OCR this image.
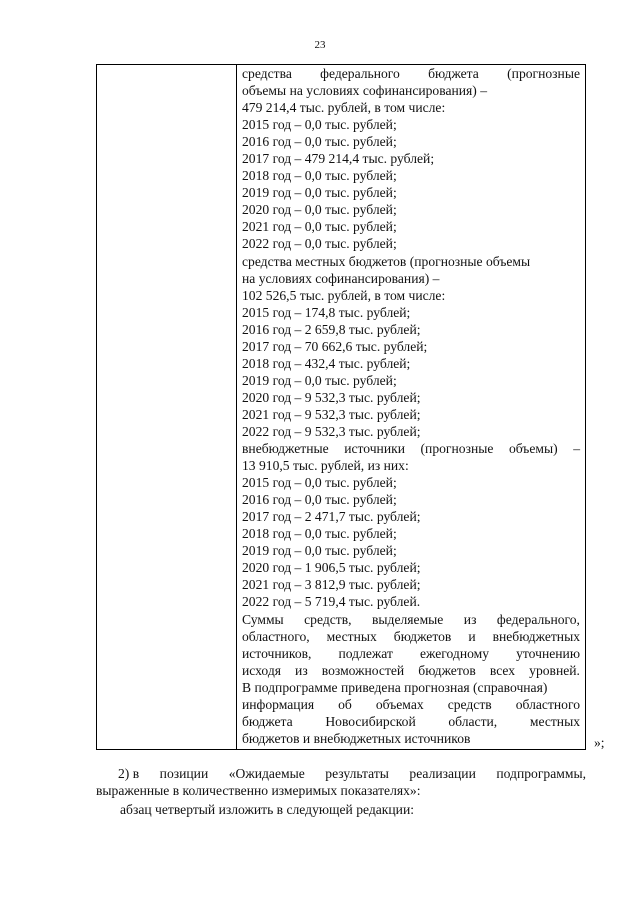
23
средства федерального бюджета (прогнозные
объемы на условиях софинансирования) –
479 214,4 тыс. рублей, в том числе:
2015 год – 0,0 тыс. рублей;
2016 год – 0,0 тыс. рублей;
2017 год – 479 214,4 тыс. рублей;
2018 год – 0,0 тыс. рублей;
2019 год – 0,0 тыс. рублей;
2020 год – 0,0 тыс. рублей;
2021 год – 0,0 тыс. рублей;
2022 год – 0,0 тыс. рублей;
средства местных бюджетов (прогнозные объемы
на условиях софинансирования) –
102 526,5 тыс. рублей, в том числе:
2015 год – 174,8 тыс. рублей;
2016 год – 2 659,8 тыс. рублей;
2017 год – 70 662,6 тыс. рублей;
2018 год – 432,4 тыс. рублей;
2019 год – 0,0 тыс. рублей;
2020 год – 9 532,3 тыс. рублей;
2021 год – 9 532,3 тыс. рублей;
2022 год – 9 532,3 тыс. рублей;
внебюджетные источники (прогнозные объемы) –
13 910,5 тыс. рублей, из них:
2015 год – 0,0 тыс. рублей;
2016 год – 0,0 тыс. рублей;
2017 год – 2 471,7 тыс. рублей;
2018 год – 0,0 тыс. рублей;
2019 год – 0,0 тыс. рублей;
2020 год – 1 906,5 тыс. рублей;
2021 год – 3 812,9 тыс. рублей;
2022 год – 5 719,4 тыс. рублей.
Суммы средств, выделяемые из федерального,
областного, местных бюджетов и внебюджетных
источников, подлежат ежегодному уточнению
исходя из возможностей бюджетов всех уровней.
В подпрограмме приведена прогнозная (справочная)
информация об объемах средств областного
бюджета Новосибирской области, местных
бюджетов и внебюджетных источников	»;
2) в позиции «Ожидаемые результаты реализации подпрограммы,
выраженные в количественно измеримых показателях»:
абзац четвертый изложить в следующей редакции:
